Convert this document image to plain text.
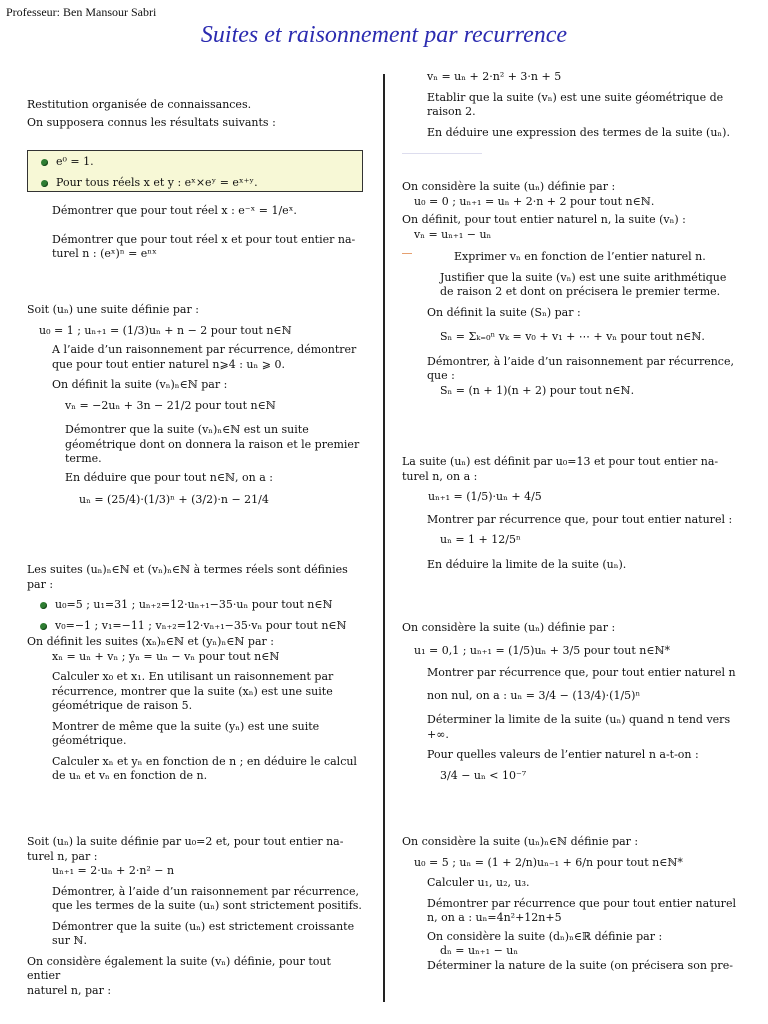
Professeur: Ben Mansour Sabri
Suites et raisonnement par recurrence

Restitution organisée de connaissances.

On supposera connus les résultats suivants :

e⁰ = 1.

Pour tous réels x et y : eˣ×eʸ = eˣ⁺ʸ.

Démontrer que pour tout réel x : e⁻ˣ = 1/eˣ.

Démontrer que pour tout réel x et pour tout entier na-

turel n : (eˣ)ⁿ = eⁿˣ

Soit (uₙ) une suite définie par :

u₀ = 1 ; uₙ₊₁ = (1/3)uₙ + n − 2 pour tout n∈ℕ

A l’aide d’un raisonnement par récurrence, démontrer

que pour tout entier naturel n⩾4 : uₙ ⩾ 0.

On définit la suite (vₙ)ₙ∈ℕ par :

vₙ = −2uₙ + 3n − 21/2 pour tout n∈ℕ

Démontrer que la suite (vₙ)ₙ∈ℕ est un suite

géométrique dont on donnera la raison et le premier

terme.

En déduire que pour tout n∈ℕ, on a :

uₙ = (25/4)·(1/3)ⁿ + (3/2)·n − 21/4

Les suites (uₙ)ₙ∈ℕ et (vₙ)ₙ∈ℕ à termes réels sont définies

par :

u₀=5 ; u₁=31 ; uₙ₊₂=12·uₙ₊₁−35·uₙ pour tout n∈ℕ

v₀=−1 ; v₁=−11 ; vₙ₊₂=12·vₙ₊₁−35·vₙ pour tout n∈ℕ

On définit les suites (xₙ)ₙ∈ℕ et (yₙ)ₙ∈ℕ par :

xₙ = uₙ + vₙ ; yₙ = uₙ − vₙ pour tout n∈ℕ

Calculer x₀ et x₁. En utilisant un raisonnement par

récurrence, montrer que la suite (xₙ) est une suite

géométrique de raison 5.

Montrer de même que la suite (yₙ) est une suite

géométrique.

Calculer xₙ et yₙ en fonction de n ; en déduire le calcul

de uₙ et vₙ en fonction de n.

Soit (uₙ) la suite définie par u₀=2 et, pour tout entier na-

turel n, par :

uₙ₊₁ = 2·uₙ + 2·n² − n

Démontrer, à l’aide d’un raisonnement par récurrence,

que les termes de la suite (uₙ) sont strictement positifs.

Démontrer que la suite (uₙ) est strictement croissante

sur ℕ.

On considère également la suite (vₙ) définie, pour tout entier

naturel n, par :

vₙ = uₙ + 2·n² + 3·n + 5

Etablir que la suite (vₙ) est une suite géométrique de

raison 2.

En déduire une expression des termes de la suite (uₙ).

On considère la suite (uₙ) définie par :

u₀ = 0 ; uₙ₊₁ = uₙ + 2·n + 2 pour tout n∈ℕ.

On définit, pour tout entier naturel n, la suite (vₙ) :

vₙ = uₙ₊₁ − uₙ

Exprimer vₙ en fonction de l’entier naturel n.

Justifier que la suite (vₙ) est une suite arithmétique

de raison 2 et dont on précisera le premier terme.

On définit la suite (Sₙ) par :

Sₙ = Σₖ₌₀ⁿ vₖ = v₀ + v₁ + ⋯ + vₙ pour tout n∈ℕ.

Démontrer, à l’aide d’un raisonnement par récurrence,

que :

Sₙ = (n + 1)(n + 2) pour tout n∈ℕ.

La suite (uₙ) est définit par u₀=13 et pour tout entier na-

turel n, on a :

uₙ₊₁ = (1/5)·uₙ + 4/5

Montrer par récurrence que, pour tout entier naturel :

uₙ = 1 + 12/5ⁿ

En déduire la limite de la suite (uₙ).

On considère la suite (uₙ) définie par :

u₁ = 0,1 ; uₙ₊₁ = (1/5)uₙ + 3/5 pour tout n∈ℕ*

Montrer par récurrence que, pour tout entier naturel n

non nul, on a : uₙ = 3/4 − (13/4)·(1/5)ⁿ

Déterminer la limite de la suite (uₙ) quand n tend vers

+∞.

Pour quelles valeurs de l’entier naturel n a-t-on :

3/4 − uₙ < 10⁻⁷

On considère la suite (uₙ)ₙ∈ℕ définie par :

u₀ = 5 ; uₙ = (1 + 2/n)uₙ₋₁ + 6/n pour tout n∈ℕ*

Calculer u₁, u₂, u₃.

Démontrer par récurrence que pour tout entier naturel

n, on a : uₙ=4n²+12n+5

On considère la suite (dₙ)ₙ∈ℝ définie par :

dₙ = uₙ₊₁ − uₙ

Déterminer la nature de la suite (on précisera son pre-
